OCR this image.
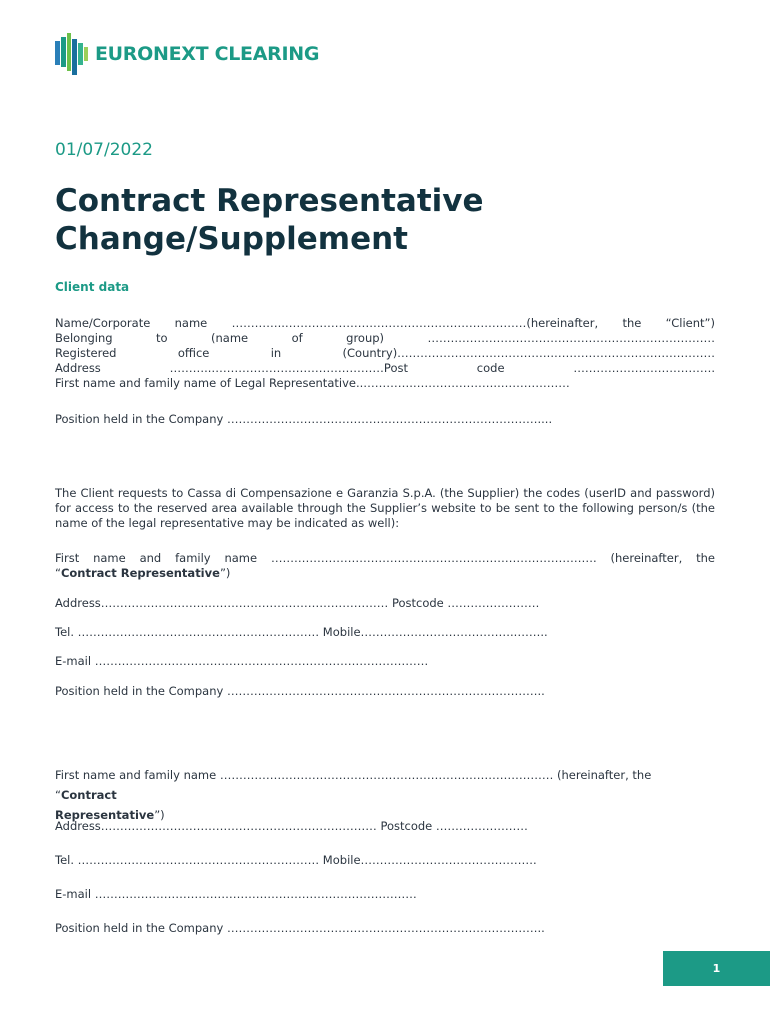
EURONEXT CLEARING
01/07/2022
Contract Representative
Change/Supplement
Client data
Name/Corporate name …………..………………………………………………………(hereinafter, the “Client”)
Belonging	to	(name	of	group)	…………………………………………………………………
Registered	office	in	(Country)…………………………………..……………………………………
Address	………..………………………………………Post	code	……………………………….
First name and family name of Legal Representative..………….…………………..………………
Position held in the Company ………………………………………………………………………....

The Client requests to Cassa di Compensazione e Garanzia S.p.A. (the Supplier) the codes (userID and password) for access to the reserved area available through the Supplier’s website to be sent to the following person/s (the name of the legal representative may be indicated as well):

First name and family name …………………………………………………………………………. (hereinafter, the
“Contract Representative”)
Address………………………………………………………………… Postcode ……………………
Tel. ……………………………………………………… Mobile…………………………………..……..
E-mail ……………………………………………………………………………
Position held in the Company ………………………………………………………………………..
First name and family name …………………………………………………………………………… (hereinafter, the “Contract
Representative”)
Address……………………………………………………………… Postcode ……………………
Tel. ……………………………………………………… Mobile……………………………………….
E-mail …………………………………………………………………………
Position held in the Company ………………………………………………………………………..
1
